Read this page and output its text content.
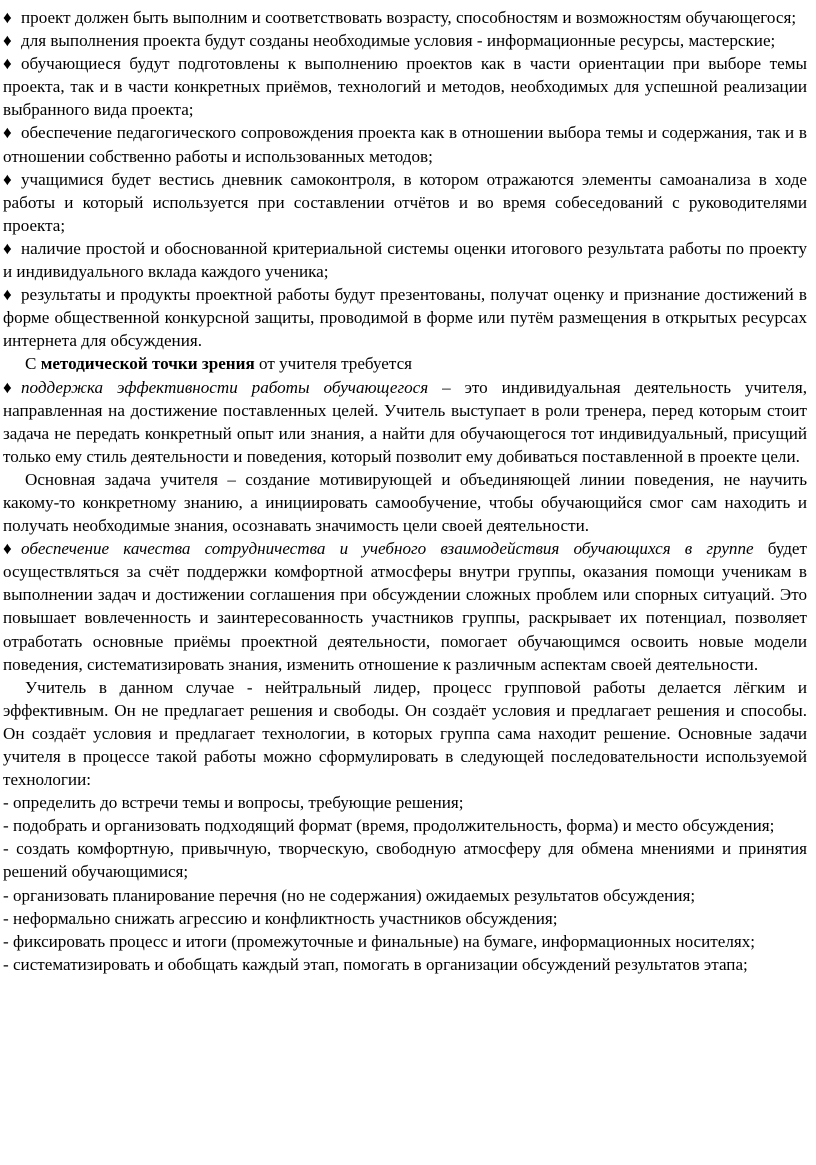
♦ проект должен быть выполним и соответствовать возрасту, способностям и возможностям обучающегося;

♦ для выполнения проекта будут созданы необходимые условия - информационные ресурсы, мастерские;

♦ обучающиеся будут подготовлены к выполнению проектов как в части ориентации при выборе темы проекта, так и в части конкретных приёмов, технологий и методов, необходимых для успешной реализации выбранного вида проекта;

♦ обеспечение педагогического сопровождения проекта как в отношении выбора темы и содержания, так и в отношении собственно работы и использованных методов;

♦ учащимися будет вестись дневник самоконтроля, в котором отражаются элементы самоанализа в ходе работы и который используется при составлении отчётов и во время собеседований с руководителями проекта;

♦ наличие простой и обоснованной критериальной системы оценки итогового результата работы по проекту и индивидуального вклада каждого ученика;

♦ результаты и продукты проектной работы будут презентованы, получат оценку и признание достижений в форме общественной конкурсной защиты, проводимой в форме или путём размещения в открытых ресурсах интернета для обсуждения.

С методической точки зрения от учителя требуется

♦ поддержка эффективности работы обучающегося – это индивидуальная деятельность учителя, направленная на достижение поставленных целей. Учитель выступает в роли тренера, перед которым стоит задача не передать конкретный опыт или знания, а найти для обучающегося тот индивидуальный, присущий только ему стиль деятельности и поведения, который позволит ему добиваться поставленной в проекте цели.

Основная задача учителя – создание мотивирующей и объединяющей линии поведения, не научить какому-то конкретному знанию, а инициировать самообучение, чтобы обучающийся смог сам находить и получать необходимые знания, осознавать значимость цели своей деятельности.

♦ обеспечение качества сотрудничества и учебного взаимодействия обучающихся в группе будет осуществляться за счёт поддержки комфортной атмосферы внутри группы, оказания помощи ученикам в выполнении задач и достижении соглашения при обсуждении сложных проблем или спорных ситуаций. Это повышает вовлеченность и заинтересованность участников группы, раскрывает их потенциал, позволяет отработать основные приёмы проектной деятельности, помогает обучающимся освоить новые модели поведения, систематизировать знания, изменить отношение к различным аспектам своей деятельности.

Учитель в данном случае - нейтральный лидер, процесс групповой работы делается лёгким и эффективным. Он не предлагает решения и свободы. Он создаёт условия и предлагает решения и способы. Он создаёт условия и предлагает технологии, в которых группа сама находит решение. Основные задачи учителя в процессе такой работы можно сформулировать в следующей последовательности используемой технологии:

- определить до встречи темы и вопросы, требующие решения;

- подобрать и организовать подходящий формат (время, продолжительность, форма) и место обсуждения;

- создать комфортную, привычную, творческую, свободную атмосферу для обмена мнениями и принятия решений обучающимися;

- организовать планирование перечня (но не содержания) ожидаемых результатов обсуждения;

- неформально снижать агрессию и конфликтность участников обсуждения;

- фиксировать процесс и итоги (промежуточные и финальные) на бумаге, информационных носителях;

- систематизировать и обобщать каждый этап, помогать в организации обсуждений результатов этапа;
